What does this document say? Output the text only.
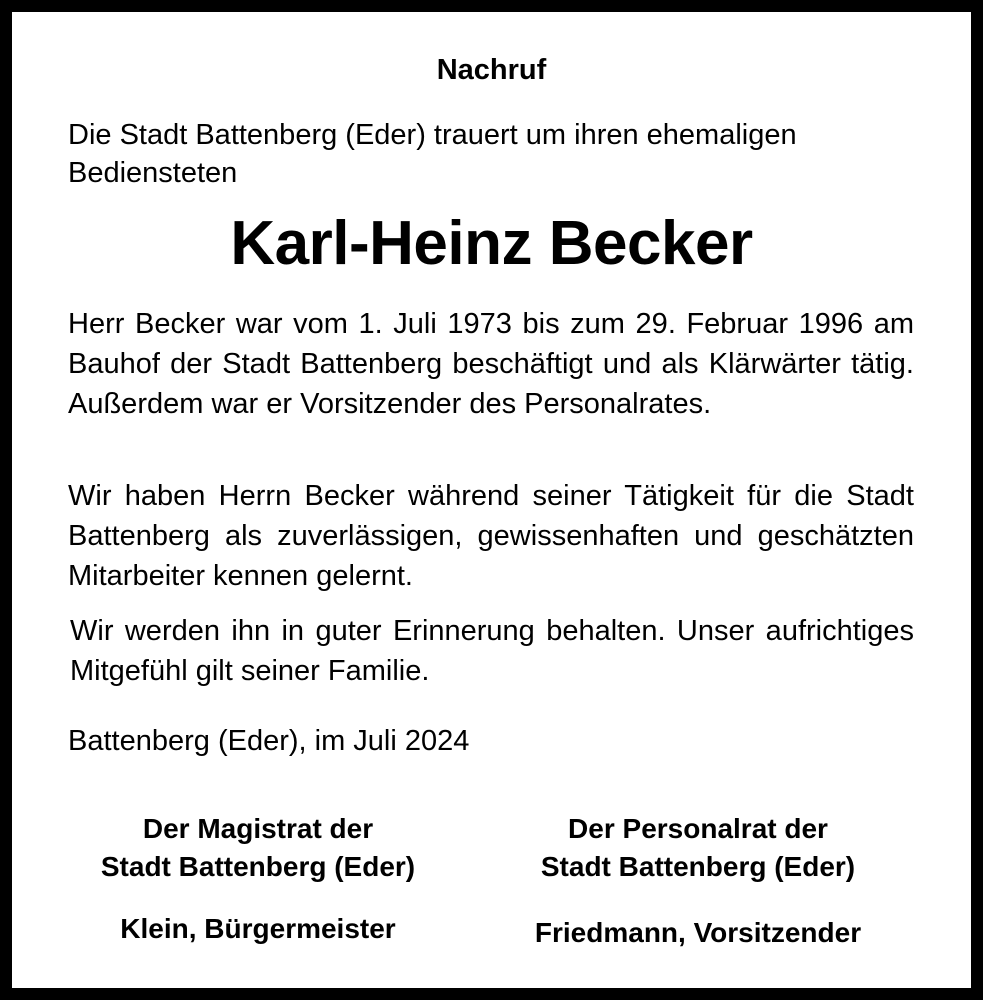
Nachruf
Die Stadt Battenberg (Eder) trauert um ihren ehemaligen
Bediensteten
Karl-Heinz Becker
Herr Becker war vom 1. Juli 1973 bis zum 29. Februar 1996 am Bauhof der Stadt Battenberg beschäftigt und als Klärwärter tätig. Außerdem war er Vorsitzender des Personalrates.
Wir haben Herrn Becker während seiner Tätigkeit für die Stadt Battenberg als zuverlässigen, gewissenhaften und geschätzten Mitarbeiter kennen gelernt.
Wir werden ihn in guter Erinnerung behalten. Unser aufrichtiges Mitgefühl gilt seiner Familie.
Battenberg (Eder), im Juli 2024
Der Magistrat der
Stadt Battenberg (Eder)
Klein, Bürgermeister
Der Personalrat der
Stadt Battenberg (Eder)
Friedmann, Vorsitzender
